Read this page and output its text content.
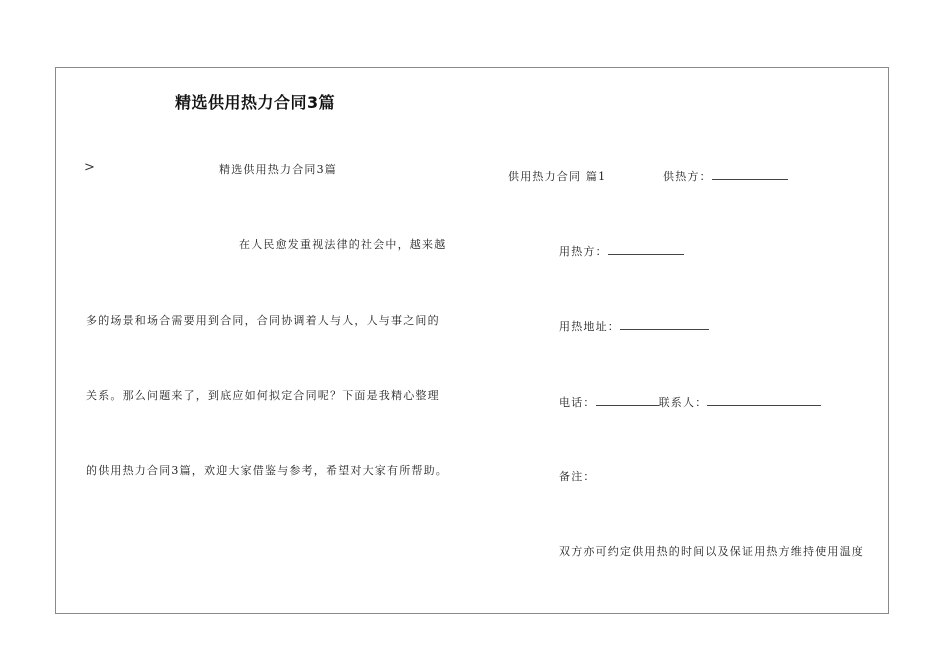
精选供用热力合同3篇
>	精选供用热力合同3篇
在人民愈发重视法律的社会中，越来越
多的场景和场合需要用到合同，合同协调着人与人，人与事之间的
关系。那么问题来了，到底应如何拟定合同呢？下面是我精心整理
的供用热力合同3篇，欢迎大家借鉴与参考，希望对大家有所帮助。
供用热力合同 篇1	供热方：
用热方：
用热地址：
电话：	联系人：
备注：
双方亦可约定供用热的时间以及保证用热方维持使用温度
